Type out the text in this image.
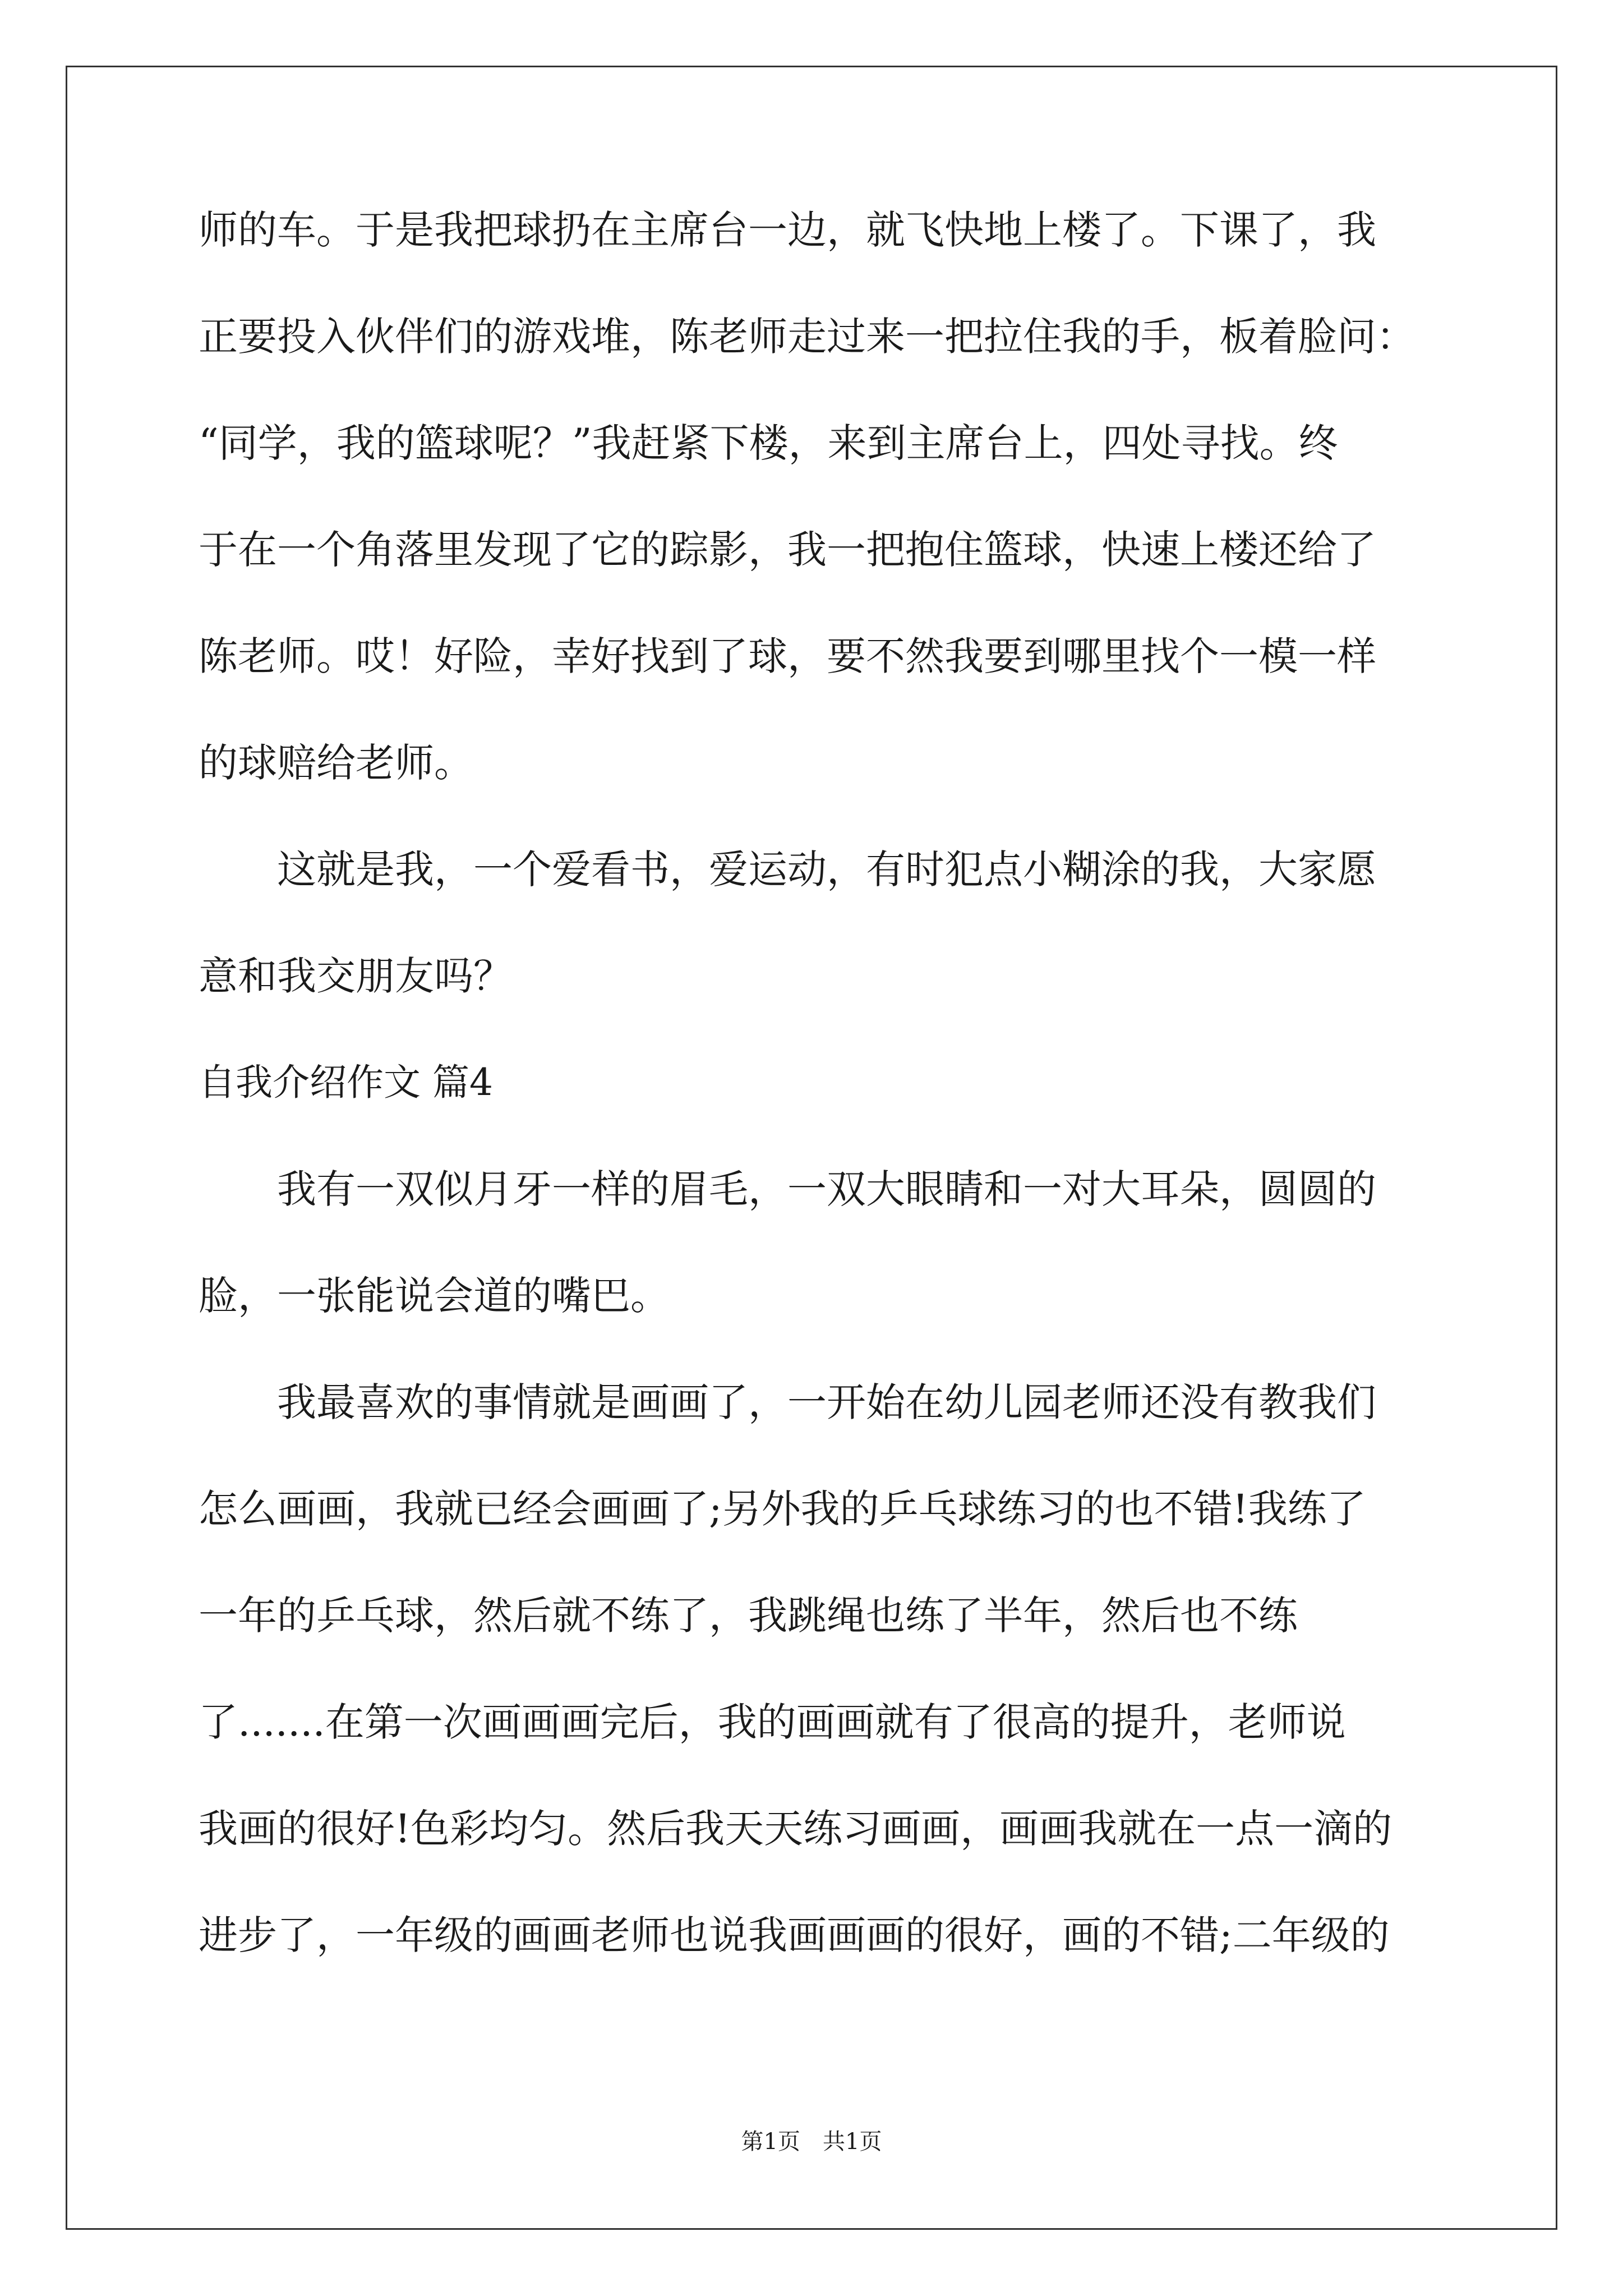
师的车。于是我把球扔在主席台一边，就飞快地上楼了。下课了，我
正要投入伙伴们的游戏堆，陈老师走过来一把拉住我的手，板着脸问：
“同学，我的篮球呢？”我赶紧下楼，来到主席台上，四处寻找。终
于在一个角落里发现了它的踪影，我一把抱住篮球，快速上楼还给了
陈老师。哎！好险，幸好找到了球，要不然我要到哪里找个一模一样
的球赔给老师。
　　这就是我，一个爱看书，爱运动，有时犯点小糊涂的我，大家愿
意和我交朋友吗？
自我介绍作文 篇4
　　我有一双似月牙一样的眉毛，一双大眼睛和一对大耳朵，圆圆的
脸，一张能说会道的嘴巴。
　　我最喜欢的事情就是画画了，一开始在幼儿园老师还没有教我们
怎么画画，我就已经会画画了;另外我的乒乓球练习的也不错!我练了
一年的乒乓球，然后就不练了，我跳绳也练了半年，然后也不练
了.......在第一次画画画完后，我的画画就有了很高的提升，老师说
我画的很好!色彩均匀。然后我天天练习画画，画画我就在一点一滴的
进步了，一年级的画画老师也说我画画画的很好，画的不错;二年级的
第1页　共1页
